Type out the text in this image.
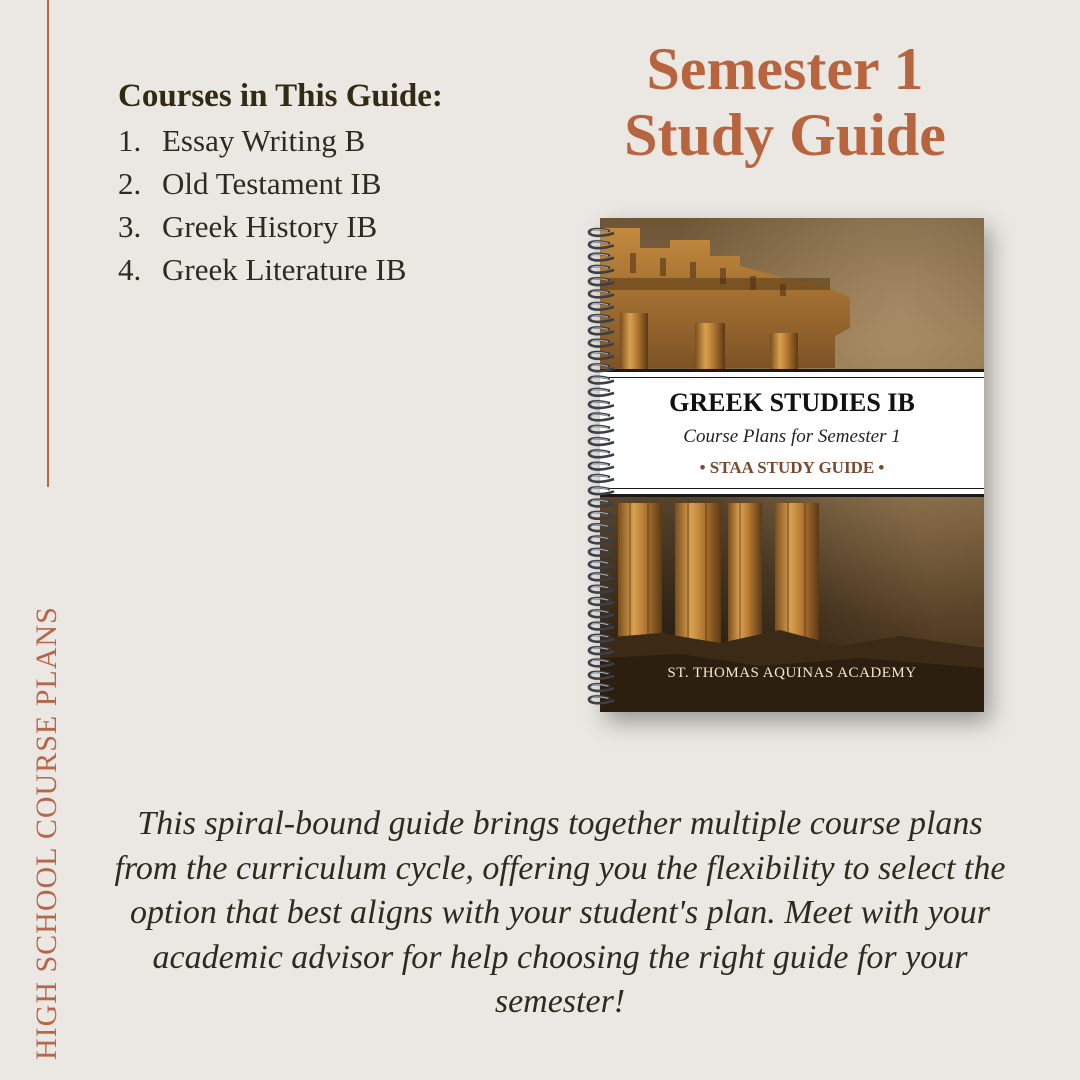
HIGH SCHOOL COURSE PLANS
Courses in This Guide:
1. Essay Writing B
2. Old Testament IB
3. Greek History IB
4. Greek Literature IB
Semester 1
Study Guide
GREEK STUDIES IB
Course Plans for Semester 1
• STAA STUDY GUIDE •
ST. THOMAS AQUINAS ACADEMY
This spiral-bound guide brings together multiple course plans from the curriculum cycle, offering you the flexibility to select the option that best aligns with your student's plan. Meet with your academic advisor for help choosing the right guide for your semester!
